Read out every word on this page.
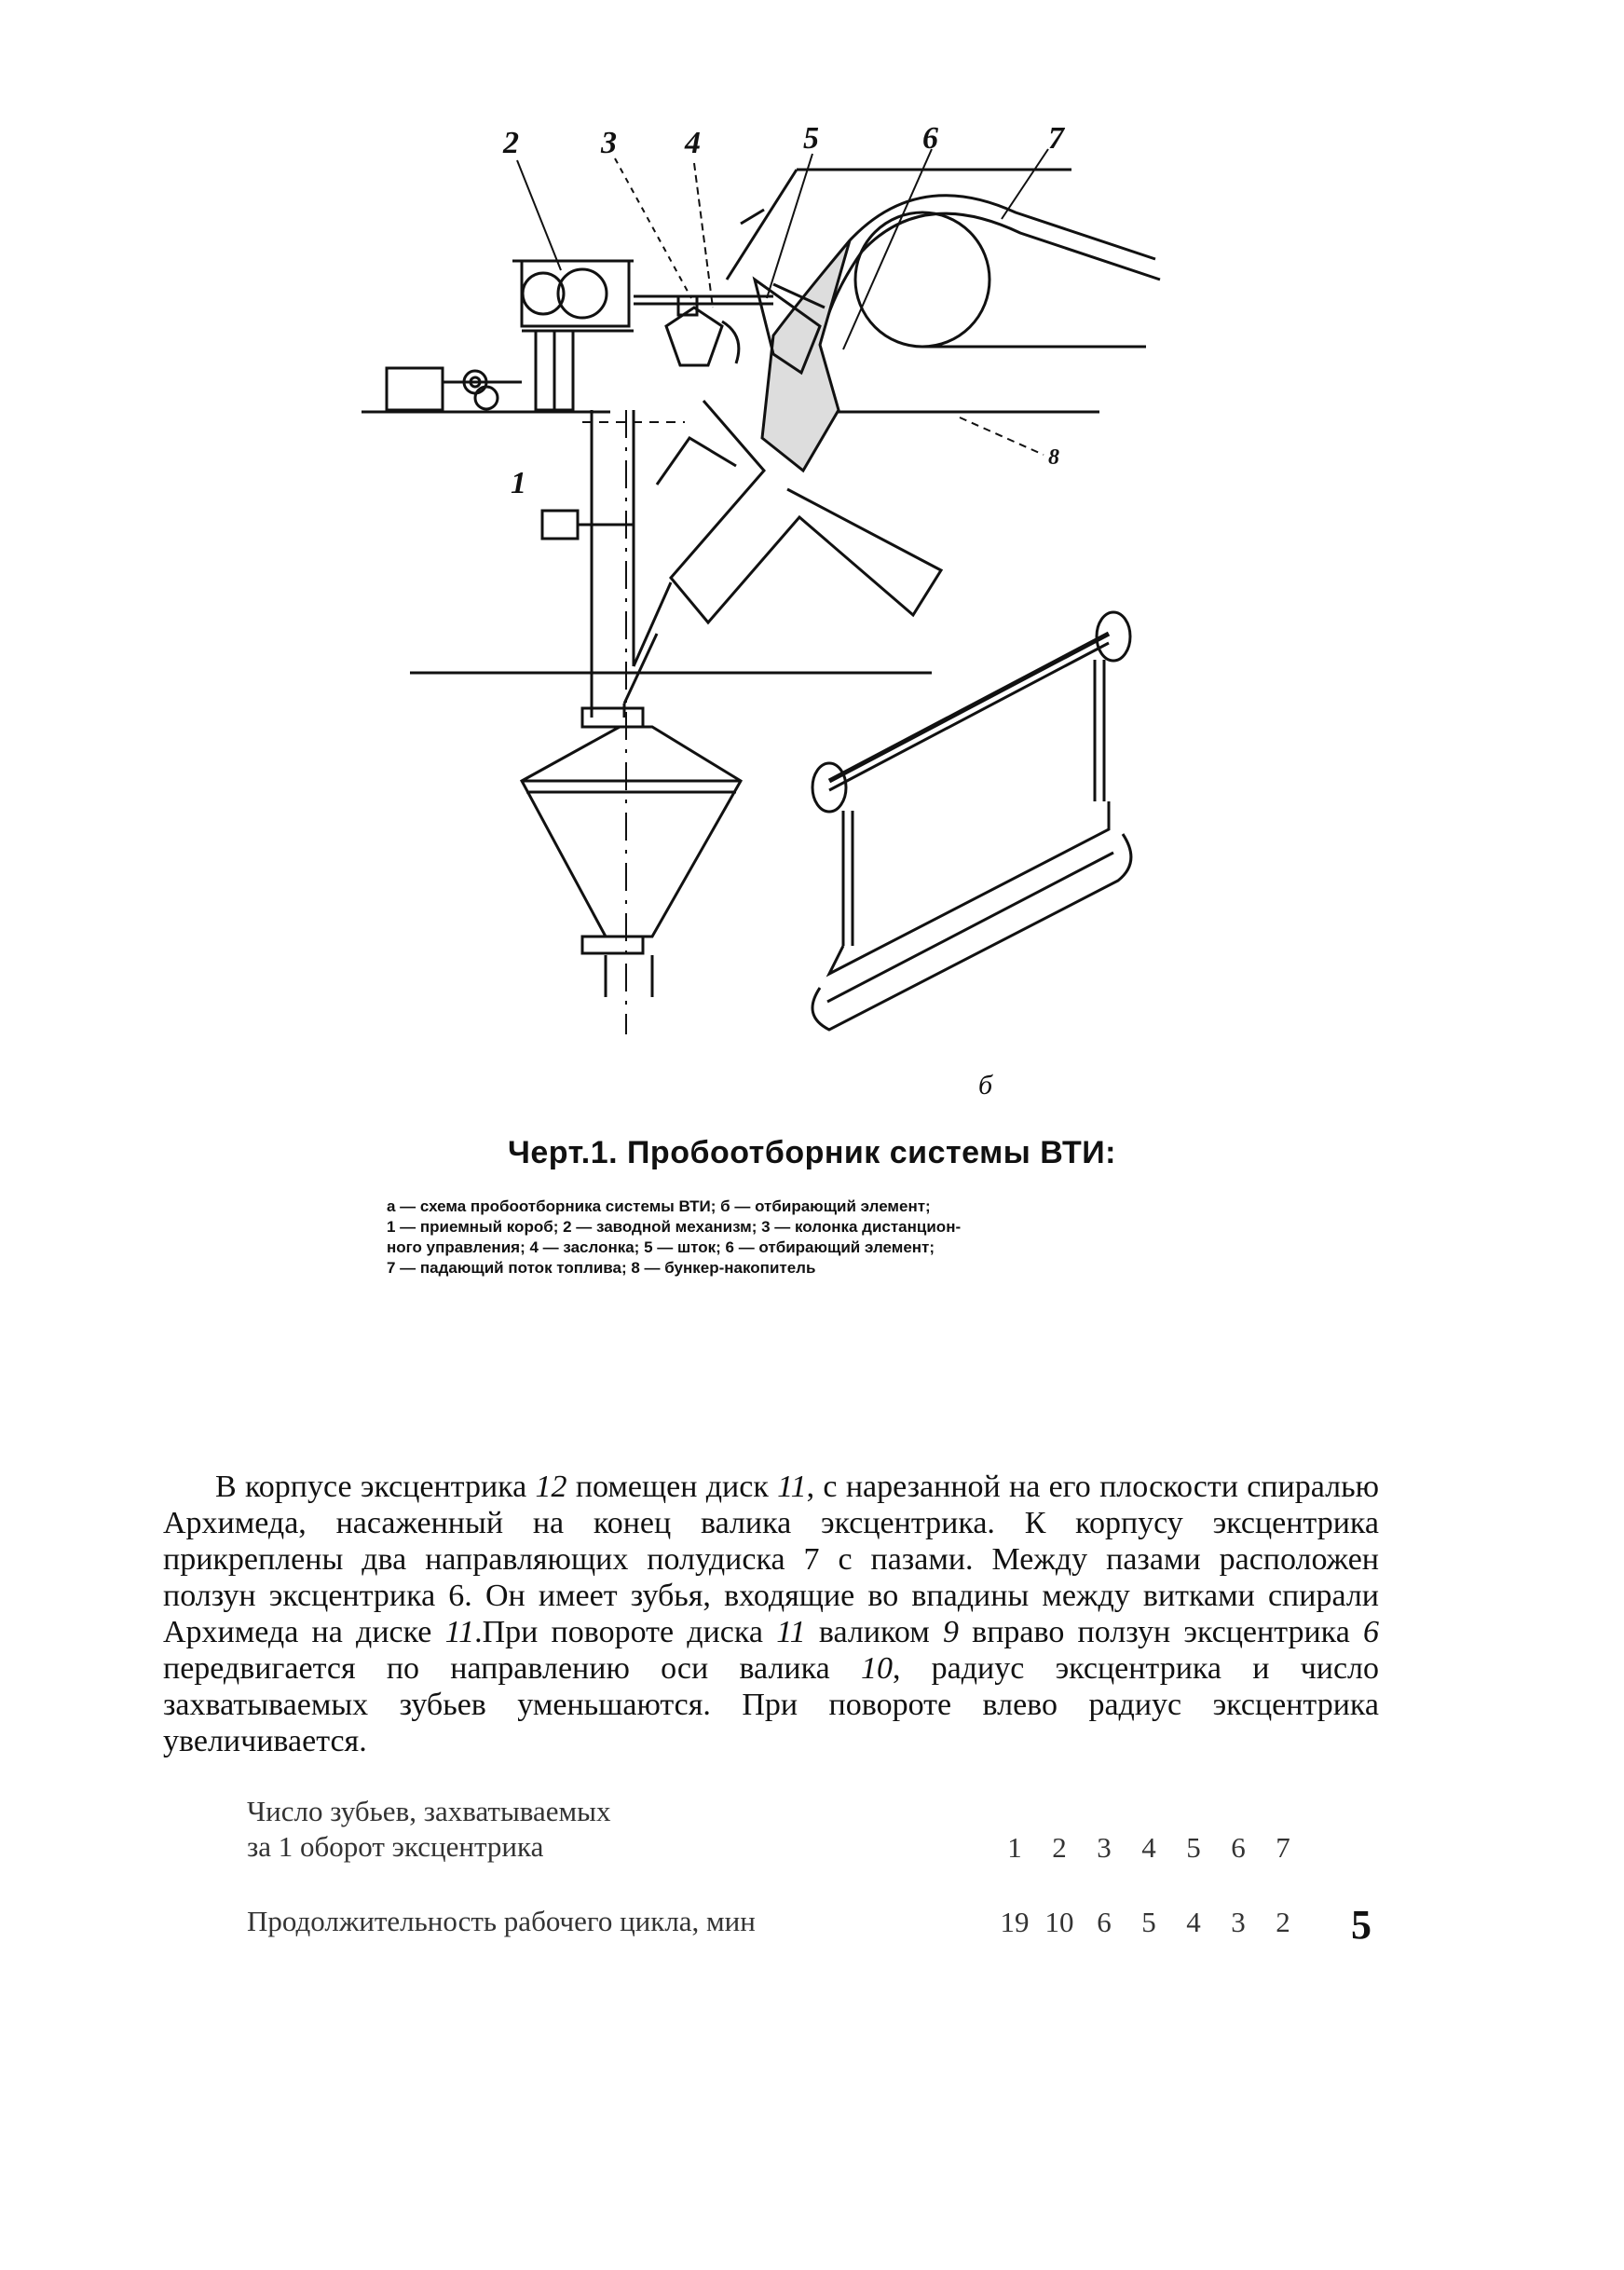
2	3 4	5	6	7
1
8
б
Черт.1. Пробоотборник системы ВТИ:

а — схема пробоотборника системы ВТИ; б — отбирающий элемент;

1 — приемный короб; 2 — заводной механизм; 3 — колонка дистанцион-

ного управления; 4 — заслонка; 5 — шток; 6 — отбирающий элемент;

7 — падающий поток топлива; 8 — бункер-накопитель

В корпусе эксцентрика 12 помещен диск 11, с нарезанной на его плоскости спиралью Архимеда, насаженный на конец валика эксцентрика. К корпусу эксцентрика прикреплены два направляющих полудиска 7 с пазами. Между пазами расположен ползун эксцентрика 6. Он имеет зубья, входящие во впадины между витками спирали Архимеда на диске 11.При повороте диска 11 валиком 9 вправо ползун эксцентрика 6 передвигается по направлению оси валика 10, радиус эксцентрика и число захватываемых зубьев уменьшаются. При повороте влево радиус эксцентрика увеличивается.

Число зубьев, захватываемых
за 1 оборот эксцентрика	1	2	3	4	5	6	7
Продолжительность рабочего цикла, мин	19 10 6	5	4	3	2	5
